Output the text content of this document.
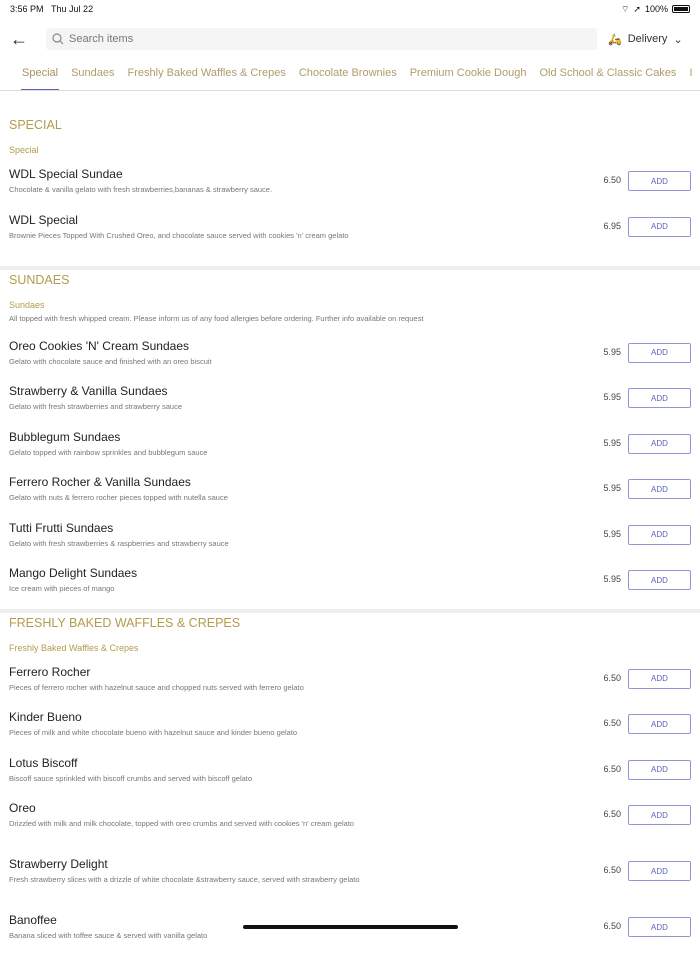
3:56 PM Thu Jul 22	⌔ ➚ 100%
←	Search items	🛵 Delivery ⌄
Special Sundaes Freshly Baked Waffles & Crepes Chocolate Brownies Premium Cookie Dough Old School & Classic Cakes I
SPECIAL
Special
WDL Special Sundae
Chocolate & vanilla gelato with fresh strawberries,bananas & strawberry sauce.
6.50	ADD
WDL Special
Brownie Pieces Topped With Crushed Oreo, and chocolate sauce served with cookies 'n' cream gelato
6.95	ADD
SUNDAES
Sundaes
All topped with fresh whipped cream. Please inform us of any food allergies before ordering. Further info available on request
Oreo Cookies 'N' Cream Sundaes
Gelato with chocolate sauce and finished with an oreo biscuit
5.95	ADD
Strawberry & Vanilla Sundaes
Gelato with fresh strawberries and strawberry sauce
5.95	ADD
Bubblegum Sundaes
Gelato topped with rainbow sprinkles and bubblegum sauce
5.95	ADD
Ferrero Rocher & Vanilla Sundaes
Gelato with nuts & ferrero rocher pieces topped with nutella sauce
5.95	ADD
Tutti Frutti Sundaes
Gelato with fresh strawberries & raspberries and strawberry sauce
5.95	ADD
Mango Delight Sundaes
Ice cream with pieces of mango
5.95	ADD
FRESHLY BAKED WAFFLES & CREPES
Freshly Baked Waffles & Crepes
Ferrero Rocher
Pieces of ferrero rocher with hazelnut sauce and chopped nuts served with ferrero gelato
6.50	ADD
Kinder Bueno
Pieces of milk and white chocolate bueno with hazelnut sauce and kinder bueno gelato
6.50	ADD
Lotus Biscoff
Biscoff sauce sprinkled with biscoff crumbs and served with biscoff gelato
6.50	ADD
Oreo
Drizzled with milk and milk chocolate, topped with oreo crumbs and served with cookies 'n' cream gelato
6.50	ADD
Strawberry Delight
Fresh strawberry slices with a drizzle of white chocolate &strawberry sauce, served with strawberry gelato
6.50	ADD
Banoffee
Banana sliced with toffee sauce & served with vanilla gelato
6.50	ADD
